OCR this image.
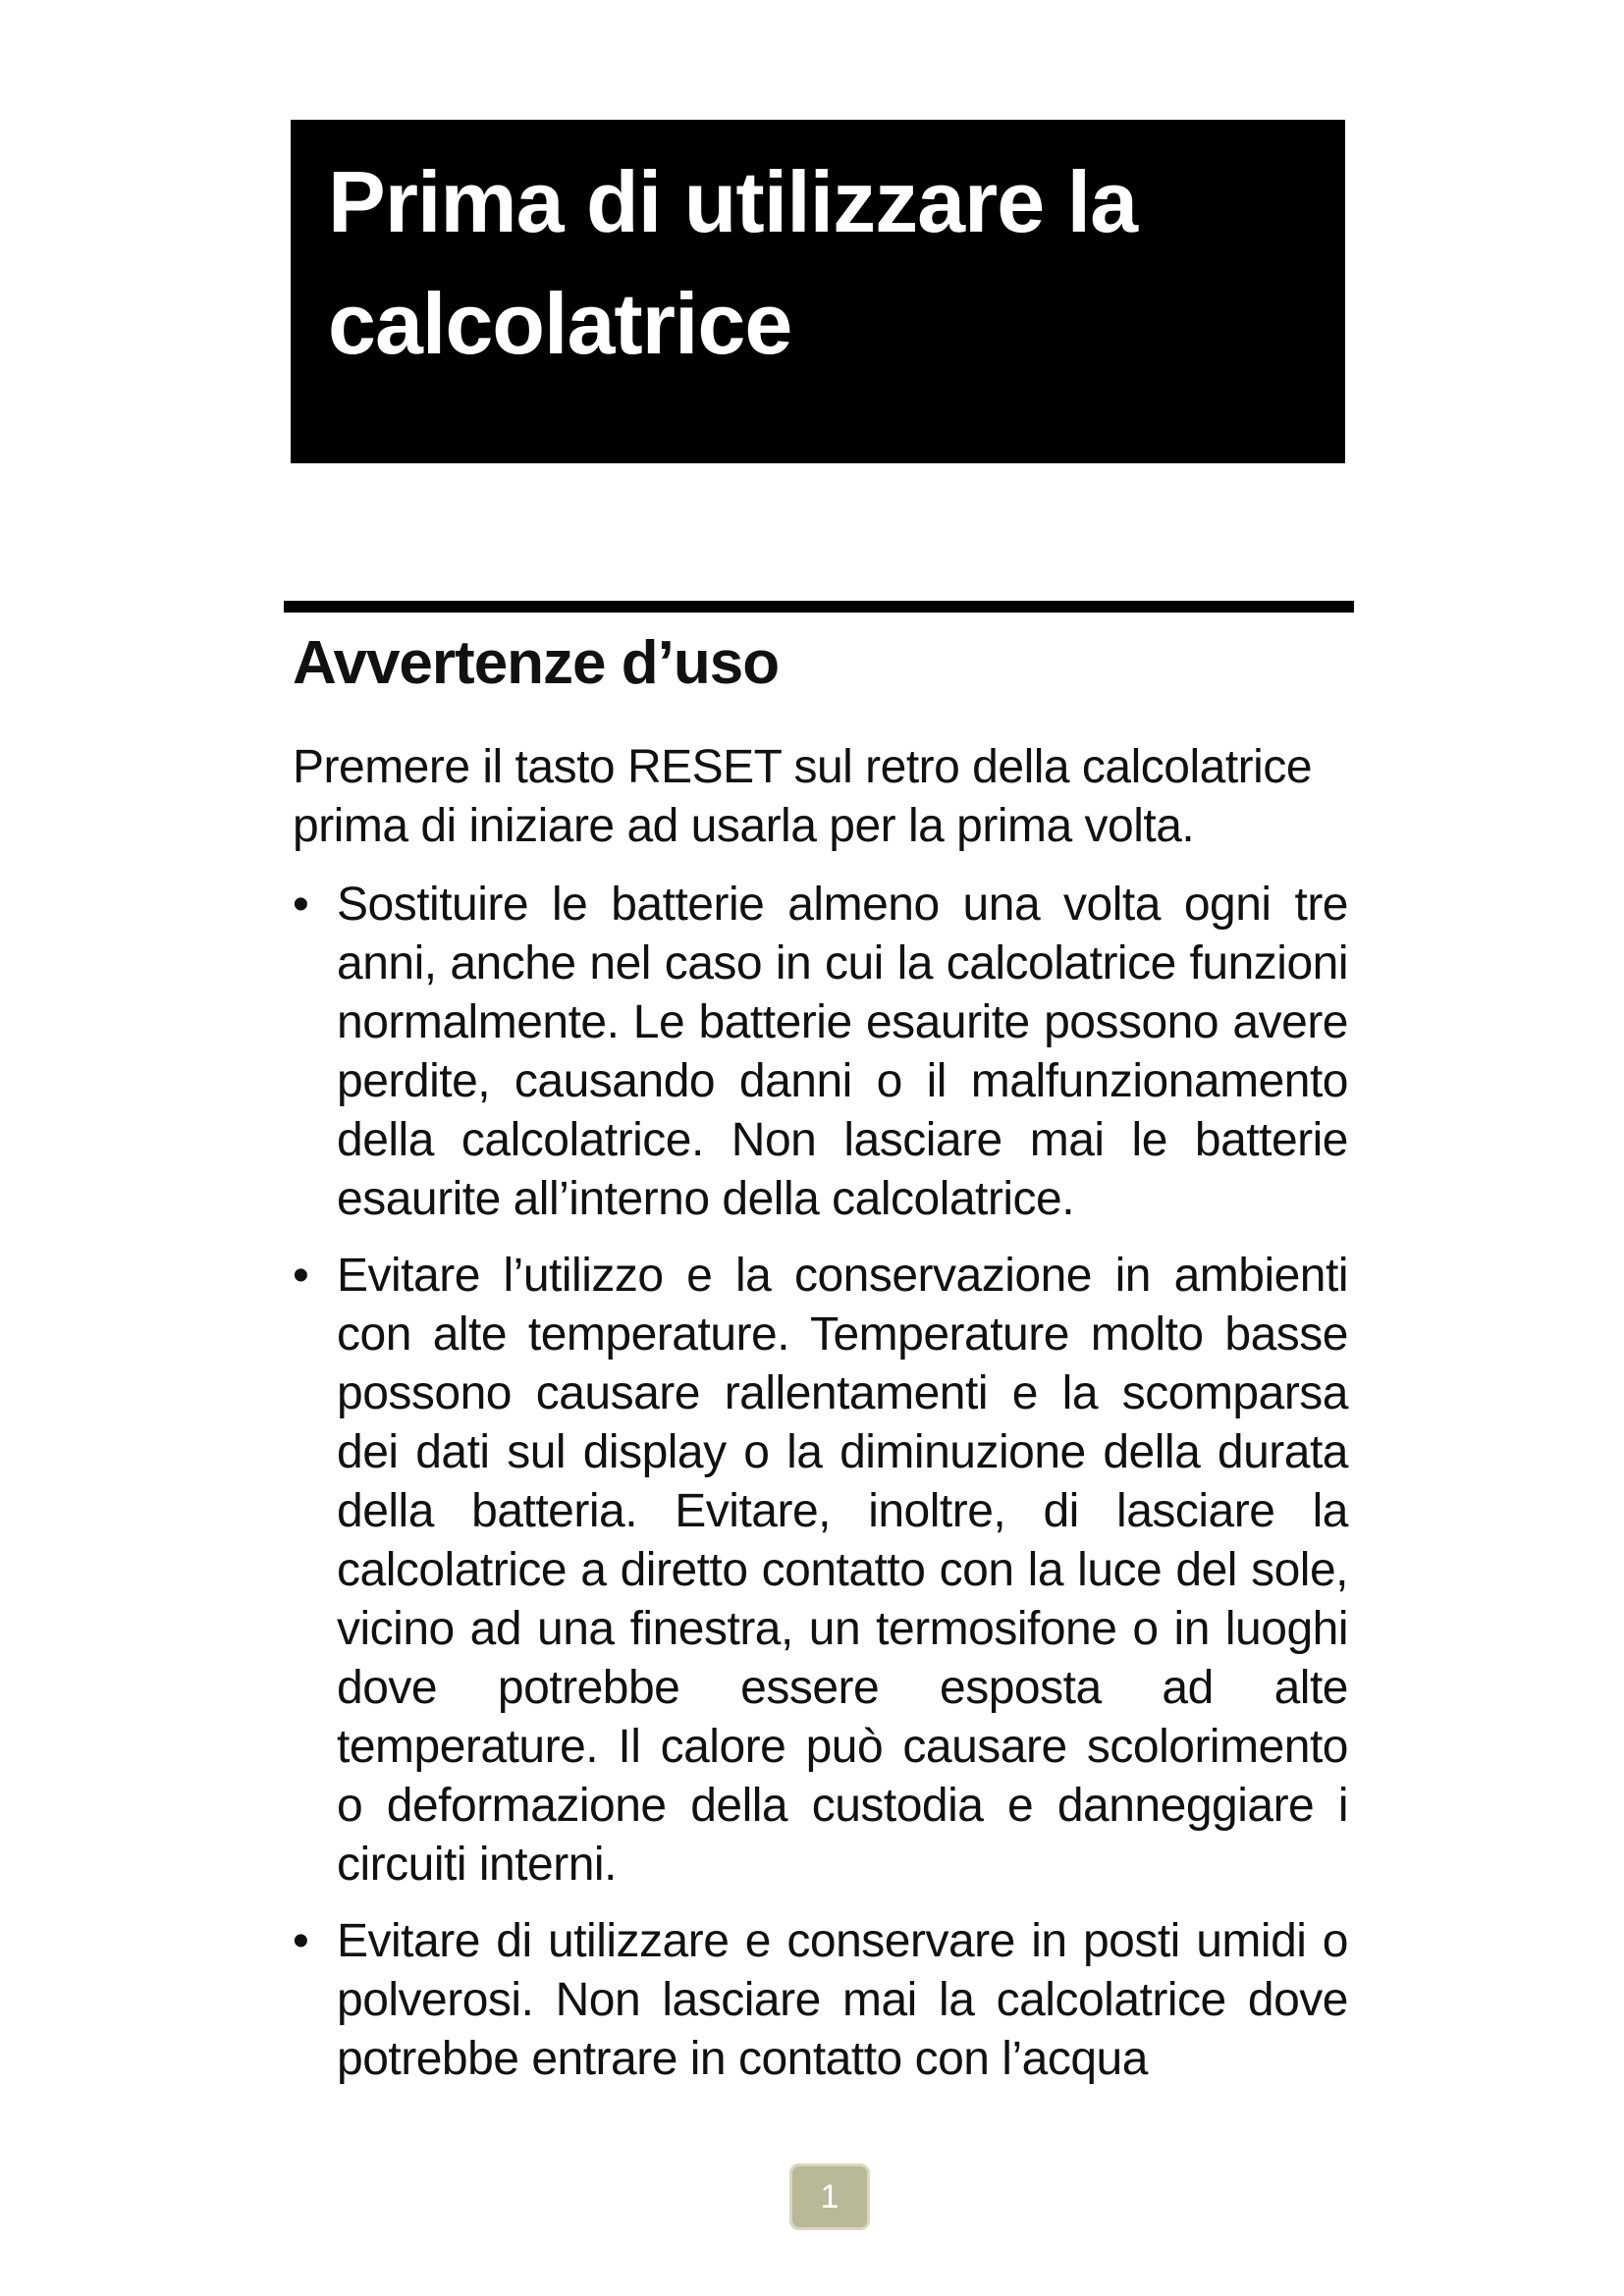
Prima di utilizzare la
calcolatrice
Avvertenze d’uso

Premere il tasto RESET sul retro della calcolatrice prima di iniziare ad usarla per la prima volta.

• Sostituire le batterie almeno una volta ogni tre anni, anche nel caso in cui la calcolatrice funzioni normalmente. Le batterie esaurite possono avere perdite, causando danni o il malfunzionamento della calcolatrice. Non lasciare mai le batterie esaurite all’interno della calcolatrice.
• Evitare l’utilizzo e la conservazione in ambienti con alte temperature. Temperature molto basse possono causare rallentamenti e la scomparsa dei dati sul display o la diminuzione della durata della batteria. Evitare, inoltre, di lasciare la calcolatrice a diretto contatto con la luce del sole, vicino ad una finestra, un termosifone o in luoghi dove potrebbe essere esposta ad alte temperature. Il calore può causare scolorimento o deformazione della custodia e danneggiare i circuiti interni.
• Evitare di utilizzare e conservare in posti umidi o polverosi. Non lasciare mai la calcolatrice dove potrebbe entrare in contatto con l’acqua
1
